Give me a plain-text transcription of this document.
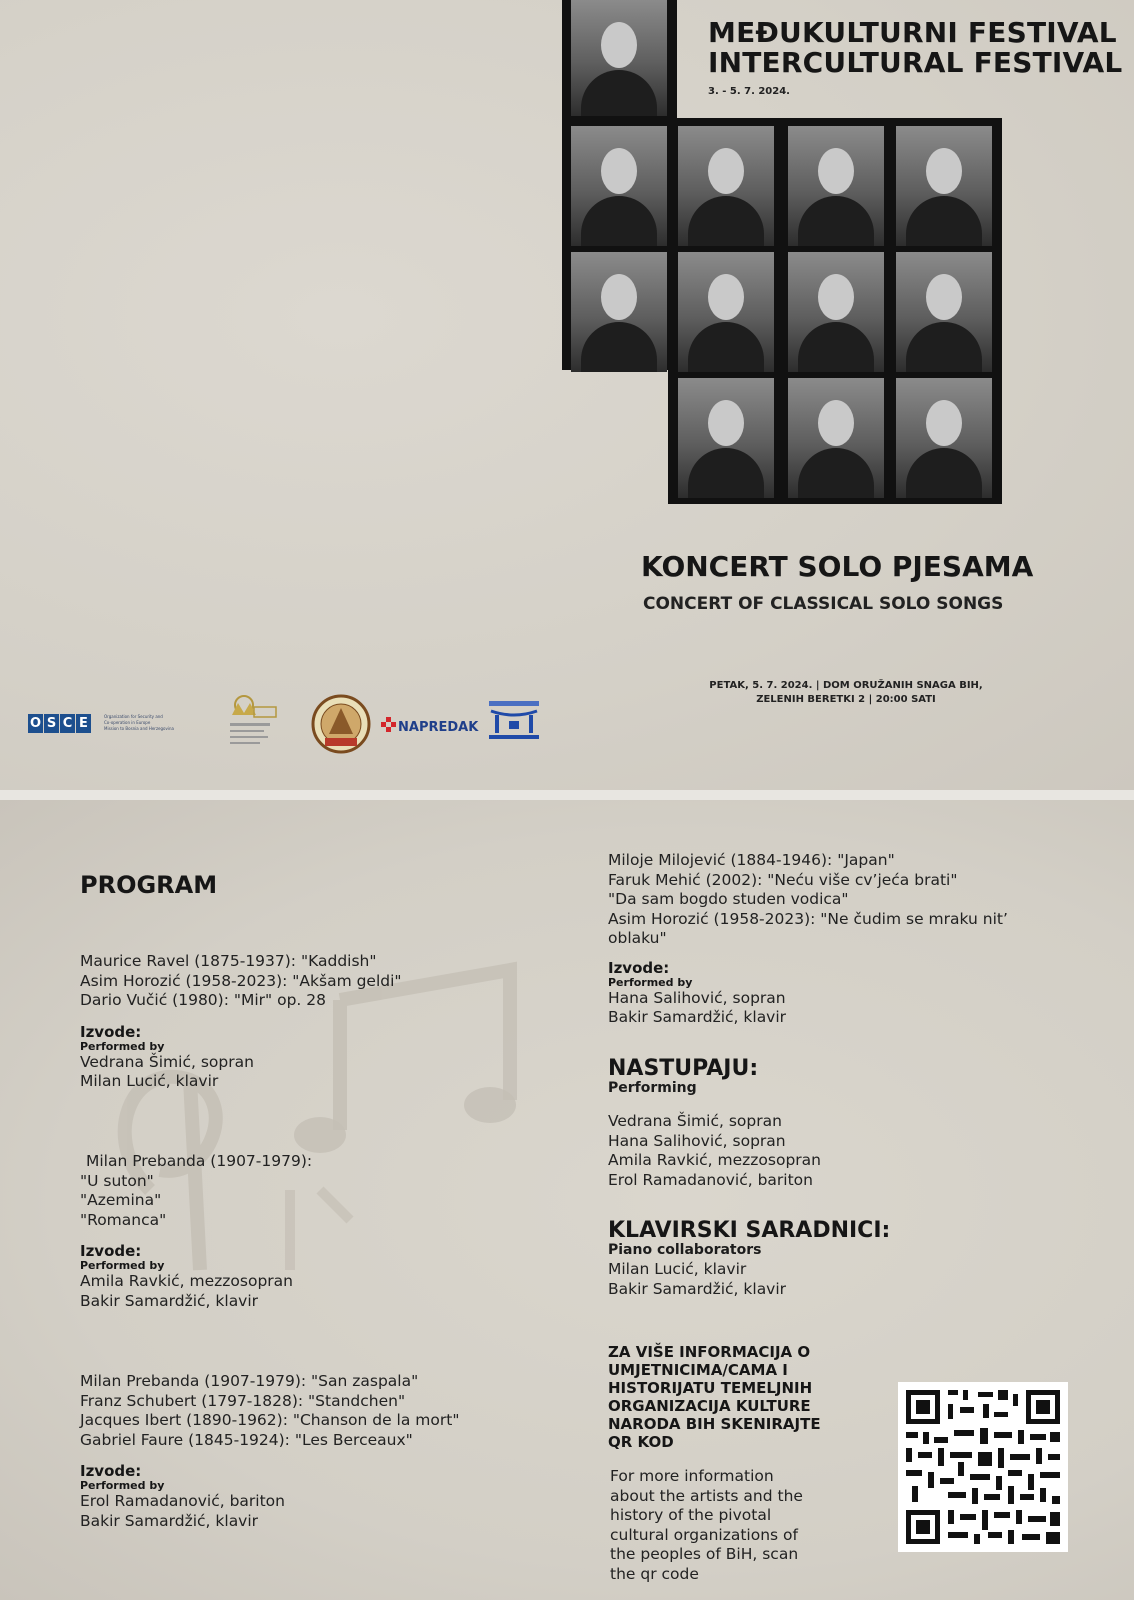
MEĐUKULTURNI FESTIVAL
INTERCULTURAL FESTIVAL
3. - 5. 7. 2024.
KONCERT SOLO PJESAMA
CONCERT OF CLASSICAL SOLO SONGS
PETAK, 5. 7. 2024. | DOM ORUŽANIH SNAGA BIH,
ZELENIH BERETKI 2 | 20:00 SATI
O S C E	Organization for Security and
Co-operation in Europe
Mission to Bosnia and Herzegovina	NAPREDAK
PROGRAM
Maurice Ravel (1875-1937): "Kaddish"
Asim Horozić (1958-2023): "Akšam geldi"
Dario Vučić (1980): "Mir" op. 28
Izvode:
Performed by
Vedrana Šimić, sopran
Milan Lucić, klavir
Milan Prebanda (1907-1979):
"U suton"
"Azemina"
"Romanca"
Izvode:
Performed by
Amila Ravkić, mezzosopran
Bakir Samardžić, klavir
Milan Prebanda (1907-1979): "San zaspala"
Franz Schubert (1797-1828): "Standchen"
Jacques Ibert (1890-1962): "Chanson de la mort"
Gabriel Faure (1845-1924): "Les Berceaux"
Izvode:
Performed by
Erol Ramadanović, bariton
Bakir Samardžić, klavir
Miloje Milojević (1884-1946): "Japan"
Faruk Mehić (2002): "Neću više cv’jeća brati"
"Da sam bogdo studen vodica"
Asim Horozić (1958-2023): "Ne čudim se mraku nit’
oblaku"
Izvode:
Performed by
Hana Salihović, sopran
Bakir Samardžić, klavir
NASTUPAJU:
Performing
Vedrana Šimić, sopran
Hana Salihović, sopran
Amila Ravkić, mezzosopran
Erol Ramadanović, bariton
KLAVIRSKI SARADNICI:
Piano collaborators
Milan Lucić, klavir
Bakir Samardžić, klavir
ZA VIŠE INFORMACIJA O
UMJETNICIMA/CAMA I
HISTORIJATU TEMELJNIH
ORGANIZACIJA KULTURE
NARODA BIH SKENIRAJTE
QR KOD
For more information
about the artists and the
history of the pivotal
cultural organizations of
the peoples of BiH, scan
the qr code
